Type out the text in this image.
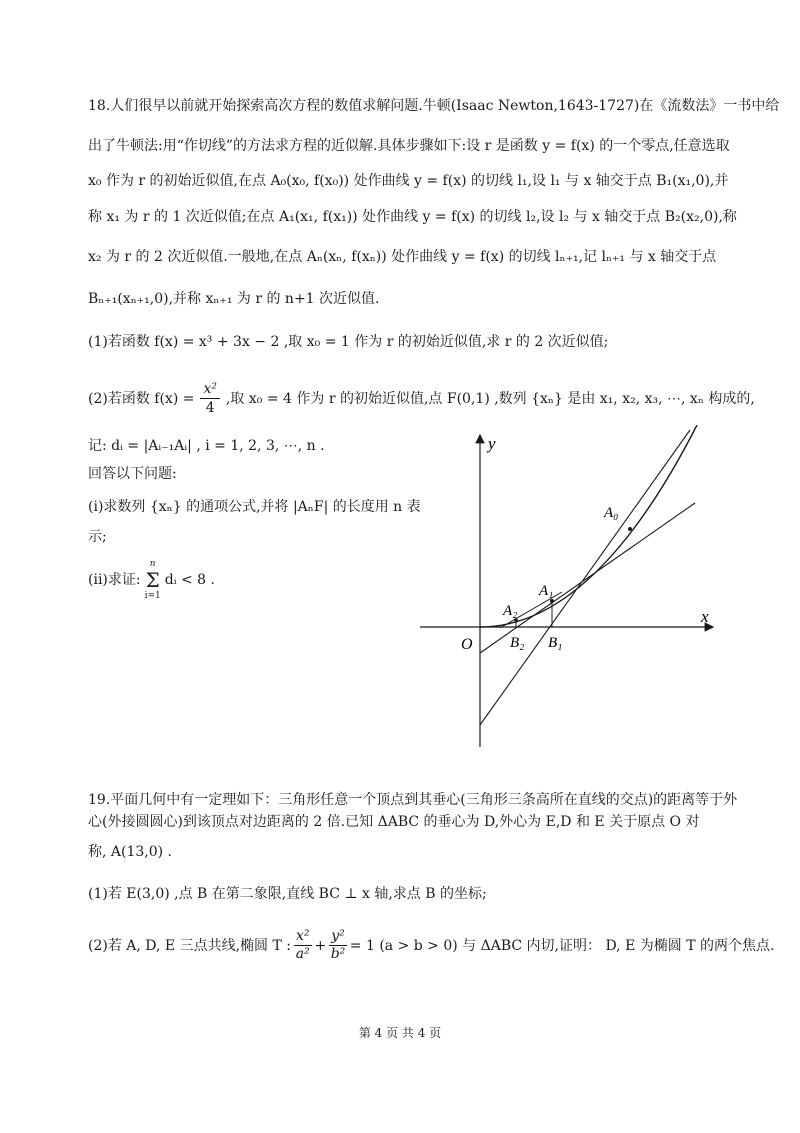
18.人们很早以前就开始探索高次方程的数值求解问题.牛顿(Isaac Newton,1643-1727)在《流数法》一书中给
出了牛顿法:用“作切线”的方法求方程的近似解.具体步骤如下:设 r 是函数 y = f(x) 的一个零点,任意选取
x₀ 作为 r 的初始近似值,在点 A₀(x₀, f(x₀)) 处作曲线 y = f(x) 的切线 l₁,设 l₁ 与 x 轴交于点 B₁(x₁,0),并
称 x₁ 为 r 的 1 次近似值;在点 A₁(x₁, f(x₁)) 处作曲线 y = f(x) 的切线 l₂,设 l₂ 与 x 轴交于点 B₂(x₂,0),称
x₂ 为 r 的 2 次近似值.一般地,在点 Aₙ(xₙ, f(xₙ)) 处作曲线 y = f(x) 的切线 lₙ₊₁,记 lₙ₊₁ 与 x 轴交于点
Bₙ₊₁(xₙ₊₁,0),并称 xₙ₊₁ 为 r 的 n+1 次近似值.
(1)若函数 f(x) = x³ + 3x − 2 ,取 x₀ = 1 作为 r 的初始近似值,求 r 的 2 次近似值;
(2)若函数 $f(x) = \frac{\text{x²}}{4}$ ,取 x₀ = 4 作为 r 的初始近似值,点 F(0,1) ,数列 {xₙ} 是由 x₁, x₂, x₃, ⋯, xₙ 构成的,
记: dᵢ = |Aᵢ₋₁Aᵢ| , i = 1, 2, 3, ⋯, n .
回答以下问题:
(i)求数列 {xₙ} 的通项公式,并将 |AₙF| 的长度用 n 表
示;
(ii)求证:
n
Σ
i=1
dᵢ < 8 .
y
x
O
A₀
A₁
A₂
B₁
B₂
19.平面几何中有一定理如下：三角形任意一个顶点到其垂心(三角形三条高所在直线的交点)的距离等于外
心(外接圆圆心)到该顶点对边距离的 2 倍.已知 ΔABC 的垂心为 D,外心为 E,D 和 E 关于原点 O 对
称, A(13,0) .
(1)若 E(3,0) ,点 B 在第二象限,直线 BC ⊥ x 轴,求点 B 的坐标;
(2)若 A, D, E 三点共线,椭圆 T : $\frac{\text{x²}}{\text{a²}} + \frac{\text{y²}}{\text{b²}} = 1$ (a > b > 0) 与 ΔABC 内切,证明： D, E 为椭圆 T 的两个焦点.
第 4 页 共 4 页
